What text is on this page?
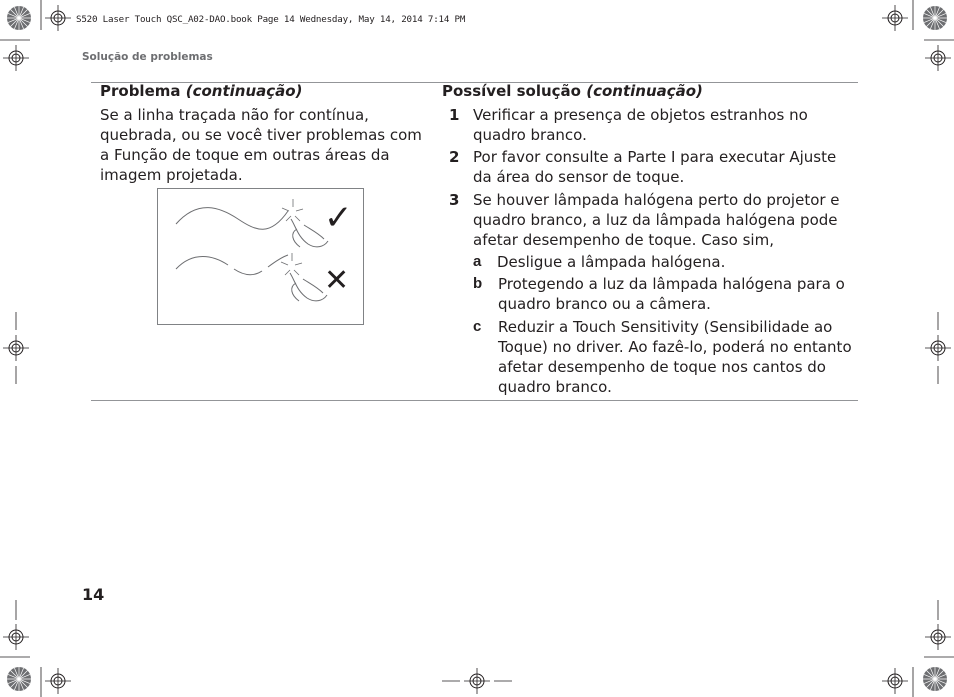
S520 Laser Touch QSC_A02-DAO.book Page 14 Wednesday, May 14, 2014 7:14 PM
Solução de problemas
Problema (continuação)	Possível solução (continuação)
Se a linha traçada não for contínua, quebrada, ou se você tiver problemas com a Função de toque em outras áreas da imagem projetada.
✓
✕
1 Verificar a presença de objetos estranhos no quadro branco.
2 Por favor consulte a Parte I para executar Ajuste da área do sensor de toque.
3 Se houver lâmpada halógena perto do projetor e quadro branco, a luz da lâmpada halógena pode afetar desempenho de toque. Caso sim,
a Desligue a lâmpada halógena.
b Protegendo a luz da lâmpada halógena para o quadro branco ou a câmera.
c Reduzir a Touch Sensitivity (Sensibilidade ao Toque) no driver. Ao fazê-lo, poderá no entanto afetar desempenho de toque nos cantos do quadro branco.
14
